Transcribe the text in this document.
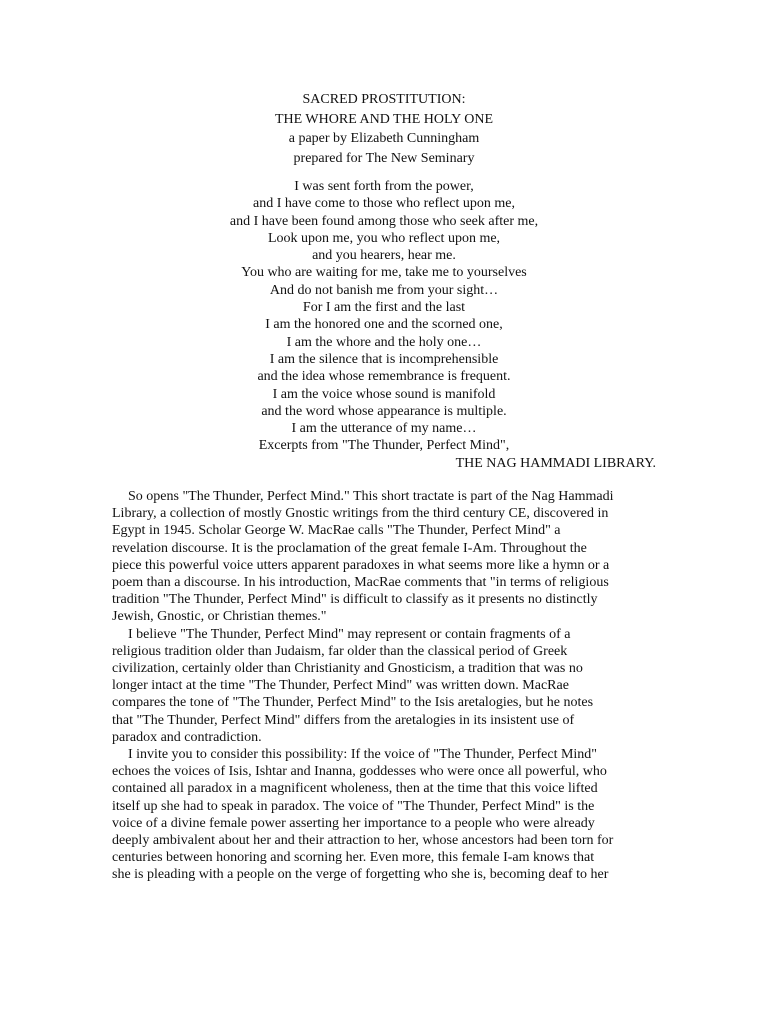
SACRED PROSTITUTION:
THE WHORE AND THE HOLY ONE
a paper by Elizabeth Cunningham
prepared for The New Seminary
I was sent forth from the power,
and I have come to those who reflect upon me,
and I have been found among those who seek after me,
Look upon me, you who reflect upon me,
and you hearers, hear me.
You who are waiting for me, take me to yourselves
And do not banish me from your sight…
For I am the first and the last
I am the honored one and the scorned one,
I am the whore and the holy one…
I am the silence that is incomprehensible
and the idea whose remembrance is frequent.
I am the voice whose sound is manifold
and the word whose appearance is multiple.
I am the utterance of my name…
Excerpts from "The Thunder, Perfect Mind",
THE NAG HAMMADI LIBRARY.

So opens "The Thunder, Perfect Mind." This short tractate is part of the Nag Hammadi
Library, a collection of mostly Gnostic writings from the third century CE, discovered in
Egypt in 1945. Scholar George W. MacRae calls "The Thunder, Perfect Mind" a
revelation discourse. It is the proclamation of the great female I-Am. Throughout the
piece this powerful voice utters apparent paradoxes in what seems more like a hymn or a
poem than a discourse. In his introduction, MacRae comments that "in terms of religious
tradition "The Thunder, Perfect Mind" is difficult to classify as it presents no distinctly
Jewish, Gnostic, or Christian themes."

I believe "The Thunder, Perfect Mind" may represent or contain fragments of a
religious tradition older than Judaism, far older than the classical period of Greek
civilization, certainly older than Christianity and Gnosticism, a tradition that was no
longer intact at the time "The Thunder, Perfect Mind" was written down. MacRae
compares the tone of "The Thunder, Perfect Mind" to the Isis aretalogies, but he notes
that "The Thunder, Perfect Mind" differs from the aretalogies in its insistent use of
paradox and contradiction.

I invite you to consider this possibility: If the voice of "The Thunder, Perfect Mind"
echoes the voices of Isis, Ishtar and Inanna, goddesses who were once all powerful, who
contained all paradox in a magnificent wholeness, then at the time that this voice lifted
itself up she had to speak in paradox. The voice of "The Thunder, Perfect Mind" is the
voice of a divine female power asserting her importance to a people who were already
deeply ambivalent about her and their attraction to her, whose ancestors had been torn for
centuries between honoring and scorning her. Even more, this female I-am knows that
she is pleading with a people on the verge of forgetting who she is, becoming deaf to her
